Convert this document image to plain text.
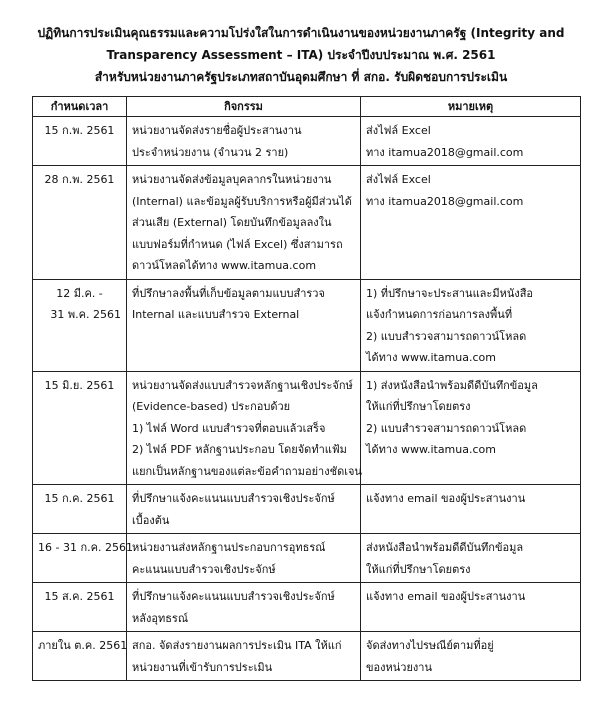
ปฏิทินการประเมินคุณธรรมและความโปร่งใสในการดำเนินงานของหน่วยงานภาครัฐ (Integrity and
Transparency Assessment – ITA) ประจำปีงบประมาณ พ.ศ. 2561
สำหรับหน่วยงานภาครัฐประเภทสถาบันอุดมศึกษา ที่ สกอ. รับผิดชอบการประเมิน
กำหนดเวลา	กิจกรรม	หมายเหตุ

15 ก.พ. 2561	หน่วยงานจัดส่งรายชื่อผู้ประสานงาน
ประจำหน่วยงาน (จำนวน 2 ราย)	ส่งไฟล์ Excel
ทาง itamua2018@gmail.com

28 ก.พ. 2561	หน่วยงานจัดส่งข้อมูลบุคลากรในหน่วยงาน
(Internal) และข้อมูลผู้รับบริการหรือผู้มีส่วนได้
ส่วนเสีย (External) โดยบันทึกข้อมูลลงใน
แบบฟอร์มที่กำหนด (ไฟล์ Excel) ซึ่งสามารถ
ดาวน์โหลดได้ทาง www.itamua.com	ส่งไฟล์ Excel
ทาง itamua2018@gmail.com

12 มี.ค. -
31 พ.ค. 2561	ที่ปรึกษาลงพื้นที่เก็บข้อมูลตามแบบสำรวจ
Internal และแบบสำรวจ External	1) ที่ปรึกษาจะประสานและมีหนังสือ
แจ้งกำหนดการก่อนการลงพื้นที่
2) แบบสำรวจสามารถดาวน์โหลด
ได้ทาง www.itamua.com

15 มิ.ย. 2561	หน่วยงานจัดส่งแบบสำรวจหลักฐานเชิงประจักษ์
(Evidence-based) ประกอบด้วย
1) ไฟล์ Word แบบสำรวจที่ตอบแล้วเสร็จ
2) ไฟล์ PDF หลักฐานประกอบ โดยจัดทำแฟ้ม
แยกเป็นหลักฐานของแต่ละข้อคำถามอย่างชัดเจน	1) ส่งหนังสือนำพร้อมดีดีบันทึกข้อมูล
ให้แก่ที่ปรึกษาโดยตรง
2) แบบสำรวจสามารถดาวน์โหลด
ได้ทาง www.itamua.com

15 ก.ค. 2561	ที่ปรึกษาแจ้งคะแนนแบบสำรวจเชิงประจักษ์
เบื้องต้น	แจ้งทาง email ของผู้ประสานงาน

16 - 31 ก.ค. 2561	หน่วยงานส่งหลักฐานประกอบการอุทธรณ์
คะแนนแบบสำรวจเชิงประจักษ์	ส่งหนังสือนำพร้อมดีดีบันทึกข้อมูล
ให้แก่ที่ปรึกษาโดยตรง

15 ส.ค. 2561	ที่ปรึกษาแจ้งคะแนนแบบสำรวจเชิงประจักษ์
หลังอุทธรณ์	แจ้งทาง email ของผู้ประสานงาน

ภายใน ต.ค. 2561	สกอ. จัดส่งรายงานผลการประเมิน ITA ให้แก่
หน่วยงานที่เข้ารับการประเมิน	จัดส่งทางไปรษณีย์ตามที่อยู่
ของหน่วยงาน
